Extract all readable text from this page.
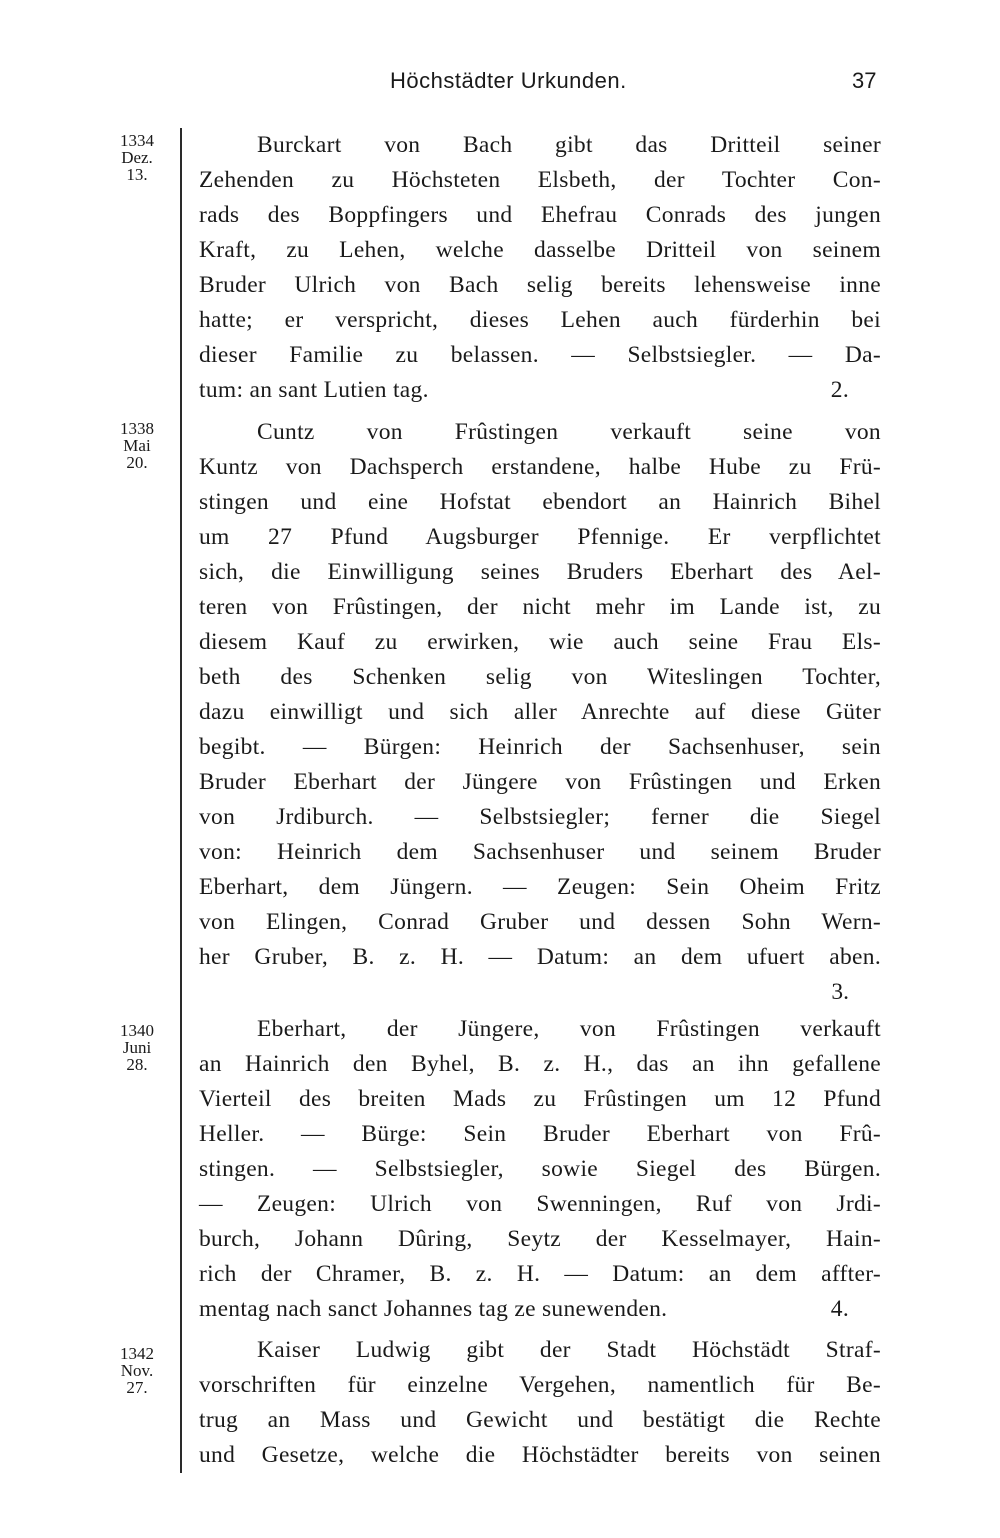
Höchstädter Urkunden.	37
1334
Dez.
13.
Burckart von Bach gibt das Dritteil seiner
Zehenden zu Höchsteten Elsbeth, der Tochter Con-
rads des Boppfingers und Ehefrau Conrads des jungen
Kraft, zu Lehen, welche dasselbe Dritteil von seinem
Bruder Ulrich von Bach selig bereits lehensweise inne
hatte; er verspricht, dieses Lehen auch fürderhin bei
dieser Familie zu belassen. — Selbstsiegler. — Da-
tum: an sant Lutien tag.	2.
1338
Mai
20.
Cuntz von Frûstingen verkauft seine von
Kuntz von Dachsperch erstandene, halbe Hube zu Frü-
stingen und eine Hofstat ebendort an Hainrich Bihel
um 27 Pfund Augsburger Pfennige. Er verpflichtet
sich, die Einwilligung seines Bruders Eberhart des Ael-
teren von Frûstingen, der nicht mehr im Lande ist, zu
diesem Kauf zu erwirken, wie auch seine Frau Els-
beth des Schenken selig von Witeslingen Tochter,
dazu einwilligt und sich aller Anrechte auf diese Güter
begibt. — Bürgen: Heinrich der Sachsenhuser, sein
Bruder Eberhart der Jüngere von Frûstingen und Erken
von Jrdiburch. — Selbstsiegler; ferner die Siegel
von: Heinrich dem Sachsenhuser und seinem Bruder
Eberhart, dem Jüngern. — Zeugen: Sein Oheim Fritz
von Elingen, Conrad Gruber und dessen Sohn Wern-
her Gruber, B. z. H. — Datum: an dem ufuert aben.
3.
1340
Juni
28.
Eberhart, der Jüngere, von Frûstingen verkauft
an Hainrich den Byhel, B. z. H., das an ihn gefallene
Vierteil des breiten Mads zu Frûstingen um 12 Pfund
Heller. — Bürge: Sein Bruder Eberhart von Frû-
stingen. — Selbstsiegler, sowie Siegel des Bürgen.
— Zeugen: Ulrich von Swenningen, Ruf von Jrdi-
burch, Johann Dûring, Seytz der Kesselmayer, Hain-
rich der Chramer, B. z. H. — Datum: an dem affter-
mentag nach sanct Johannes tag ze sunewenden.	4.
1342
Nov.
27.
Kaiser Ludwig gibt der Stadt Höchstädt Straf-
vorschriften für einzelne Vergehen, namentlich für Be-
trug an Mass und Gewicht und bestätigt die Rechte
und Gesetze, welche die Höchstädter bereits von seinen
